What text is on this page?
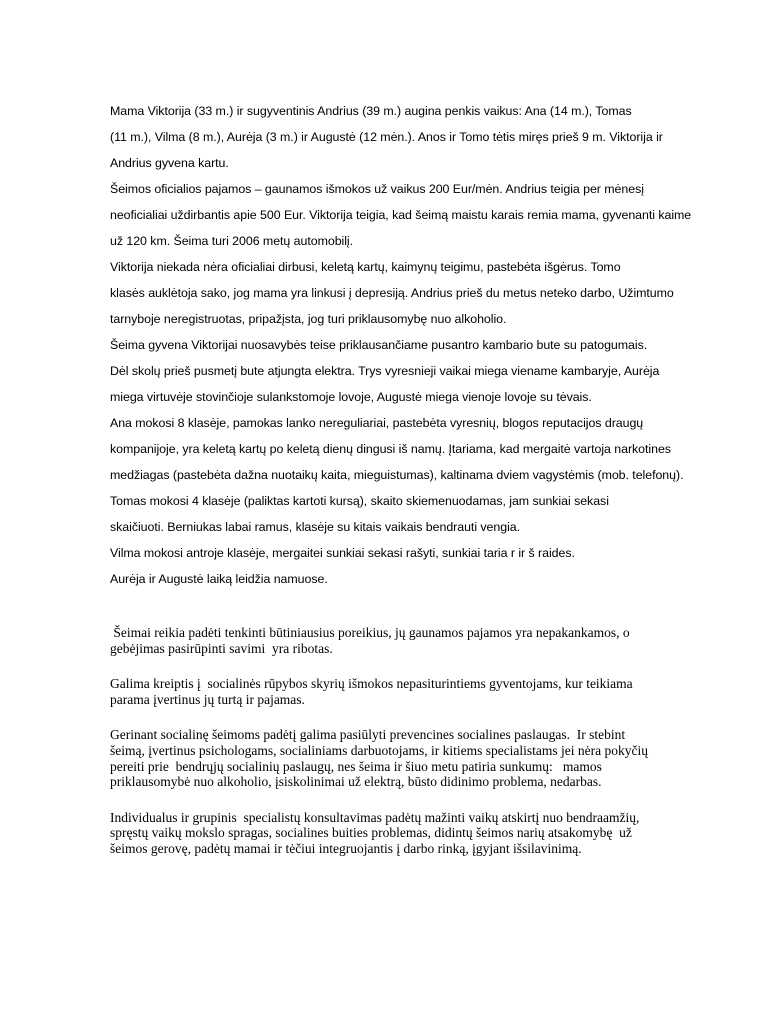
Mama Viktorija (33 m.) ir sugyventinis Andrius (39 m.) augina penkis vaikus: Ana (14 m.), Tomas
(11 m.), Vilma (8 m.), Aurėja (3 m.) ir Augustė (12 mėn.). Anos ir Tomo tėtis miręs prieš 9 m. Viktorija ir
Andrius gyvena kartu.
Šeimos oficialios pajamos – gaunamos išmokos už vaikus 200 Eur/mėn. Andrius teigia per mėnesį
neoficialiai uždirbantis apie 500 Eur. Viktorija teigia, kad šeimą maistu karais remia mama, gyvenanti kaime
už 120 km. Šeima turi 2006 metų automobilį.
Viktorija niekada nėra oficialiai dirbusi, keletą kartų, kaimynų teigimu, pastebėta išgėrus. Tomo
klasės auklėtoja sako, jog mama yra linkusi į depresiją. Andrius prieš du metus neteko darbo, Užimtumo
tarnyboje neregistruotas, pripažįsta, jog turi priklausomybę nuo alkoholio.
Šeima gyvena Viktorijai nuosavybės teise priklausančiame pusantro kambario bute su patogumais.
Dėl skolų prieš pusmetį bute atjungta elektra. Trys vyresnieji vaikai miega viename kambaryje, Aurėja
miega virtuvėje stovinčioje sulankstomoje lovoje, Augustė miega vienoje lovoje su tėvais.
Ana mokosi 8 klasėje, pamokas lanko nereguliariai, pastebėta vyresnių, blogos reputacijos draugų
kompanijoje, yra keletą kartų po keletą dienų dingusi iš namų. Įtariama, kad mergaitė vartoja narkotines
medžiagas (pastebėta dažna nuotaikų kaita, mieguistumas), kaltinama dviem vagystėmis (mob. telefonų).
Tomas mokosi 4 klasėje (paliktas kartoti kursą), skaito skiemenuodamas, jam sunkiai sekasi
skaičiuoti. Berniukas labai ramus, klasėje su kitais vaikais bendrauti vengia.
Vilma mokosi antroje klasėje, mergaitei sunkiai sekasi rašyti, sunkiai taria r ir š raides.
Aurėja ir Augustė laiką leidžia namuose.

Šeimai reikia padėti tenkinti būtiniausius poreikius, jų gaunamos pajamos yra nepakankamos, o
gebėjimas pasirūpinti savimi  yra ribotas.

Galima kreiptis į  socialinės rūpybos skyrių išmokos nepasiturintiems gyventojams, kur teikiama
parama įvertinus jų turtą ir pajamas.

Gerinant socialinę šeimoms padėtį galima pasiūlyti prevencines socialines paslaugas.  Ir stebint
šeimą, įvertinus psichologams, socialiniams darbuotojams, ir kitiems specialistams jei nėra pokyčių
pereiti prie  bendrųjų socialinių paslaugų, nes šeima ir šiuo metu patiria sunkumų:   mamos
priklausomybė nuo alkoholio, įsiskolinimai už elektrą, būsto didinimo problema, nedarbas.

Individualus ir grupinis  specialistų konsultavimas padėtų mažinti vaikų atskirtį nuo bendraamžių,
spręstų vaikų mokslo spragas, socialines buities problemas, didintų šeimos narių atsakomybę  už
šeimos gerovę, padėtų mamai ir tėčiui integruojantis į darbo rinką, įgyjant išsilavinimą.
